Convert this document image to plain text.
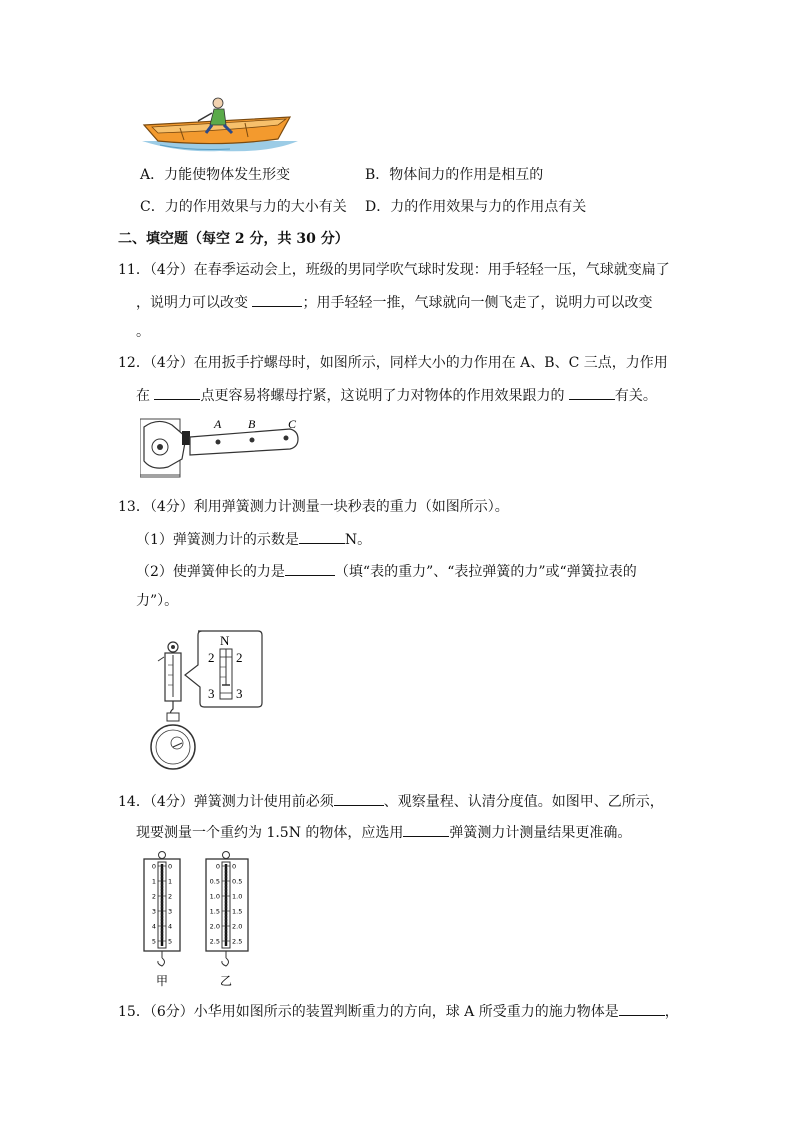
A．力能使物体发生形变	B．物体间力的作用是相互的
C．力的作用效果与力的大小有关 D．力的作用效果与力的作用点有关
二、填空题（每空 2 分，共 30 分）
11．（4分）在春季运动会上，班级的男同学吹气球时发现：用手轻轻一压，气球就变扁了
，说明力可以改变	；用手轻轻一推，气球就向一侧飞走了，说明力可以改变
。
12．（4分）在用扳手拧螺母时，如图所示，同样大小的力作用在 A、B、C 三点，力作用
在	点更容易将螺母拧紧，这说明了力对物体的作用效果跟力的	有关。
A B	C
13．（4分）利用弹簧测力计测量一块秒表的重力（如图所示）。
（1）弹簧测力计的示数是	N。
（2）使弹簧伸长的力是	（填“表的重力”、“表拉弹簧的力”或“弹簧拉表的
力”）。
N
2 2
3 3
14．（4分）弹簧测力计使用前必须	、观察量程、认清分度值。如图甲、乙所示，
现要测量一个重约为 1.5N 的物体，应选用	弹簧测力计测量结果更准确。
0 0
1 1
2 2
3 3
4 4
5 5
甲
0 0
0.5 0.5
1.0 1.0
1.5 1.5
2.0 2.0
2.5 2.5
乙
15．（6分）小华用如图所示的装置判断重力的方向，球 A 所受重力的施力物体是	，
